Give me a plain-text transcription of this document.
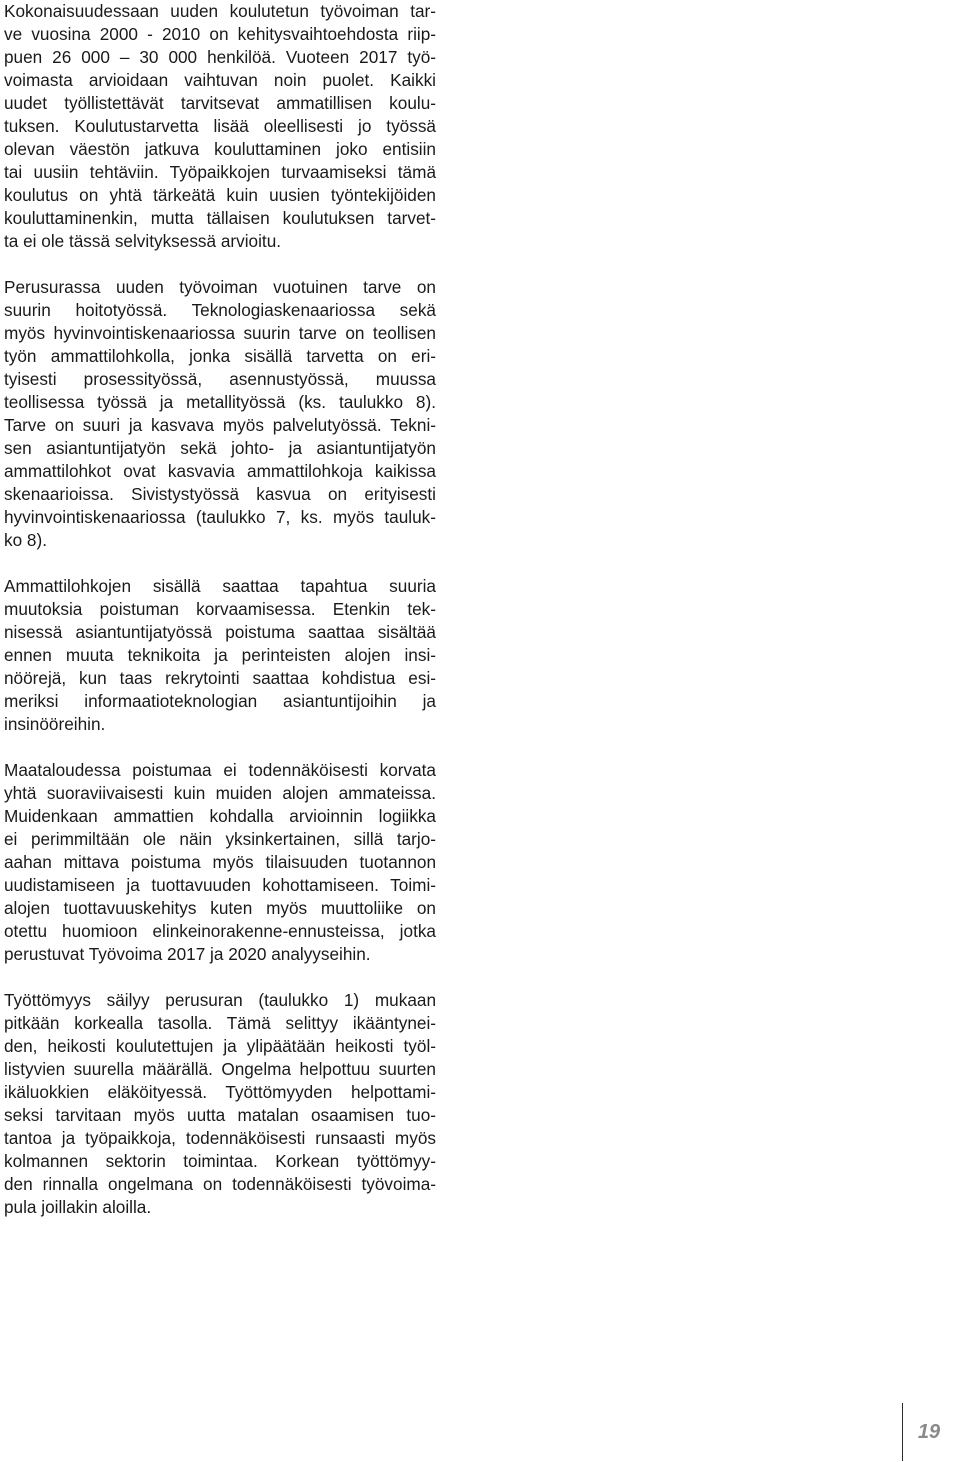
Kokonaisuudessaan uuden koulutetun työvoiman tar-
ve vuosina 2000 - 2010 on kehitysvaihtoehdosta riip-
puen 26 000 – 30 000 henkilöä. Vuoteen 2017 työ-
voimasta arvioidaan vaihtuvan noin puolet. Kaikki
uudet työllistettävät tarvitsevat ammatillisen koulu-
tuksen. Koulutustarvetta lisää oleellisesti jo työssä
olevan väestön jatkuva kouluttaminen joko entisiin
tai uusiin tehtäviin. Työpaikkojen turvaamiseksi tämä
koulutus on yhtä tärkeätä kuin uusien työntekijöiden
kouluttaminenkin, mutta tällaisen koulutuksen tarvet-
ta ei ole tässä selvityksessä arvioitu.
Perusurassa uuden työvoiman vuotuinen tarve on
suurin hoitotyössä. Teknologiaskenaariossa sekä
myös hyvinvointiskenaariossa suurin tarve on teollisen
työn ammattilohkolla, jonka sisällä tarvetta on eri-
tyisesti prosessityössä, asennustyössä, muussa
teollisessa työssä ja metallityössä (ks. taulukko 8).
Tarve on suuri ja kasvava myös palvelutyössä. Tekni-
sen asiantuntijatyön sekä johto- ja asiantuntijatyön
ammattilohkot ovat kasvavia ammattilohkoja kaikissa
skenaarioissa. Sivistystyössä kasvua on erityisesti
hyvinvointiskenaariossa (taulukko 7, ks. myös tauluk-
ko 8).
Ammattilohkojen sisällä saattaa tapahtua suuria
muutoksia poistuman korvaamisessa. Etenkin tek-
nisessä asiantuntijatyössä poistuma saattaa sisältää
ennen muuta teknikoita ja perinteisten alojen insi-
nöörejä, kun taas rekrytointi saattaa kohdistua esi-
meriksi informaatioteknologian asiantuntijoihin ja
insinööreihin.
Maataloudessa poistumaa ei todennäköisesti korvata
yhtä suoraviivaisesti kuin muiden alojen ammateissa.
Muidenkaan ammattien kohdalla arvioinnin logiikka
ei perimmiltään ole näin yksinkertainen, sillä tarjo-
aahan mittava poistuma myös tilaisuuden tuotannon
uudistamiseen ja tuottavuuden kohottamiseen. Toimi-
alojen tuottavuuskehitys kuten myös muuttoliike on
otettu huomioon elinkeinorakenne-ennusteissa, jotka
perustuvat Työvoima 2017 ja 2020 analyyseihin.
Työttömyys säilyy perusuran (taulukko 1) mukaan
pitkään korkealla tasolla. Tämä selittyy ikääntynei-
den, heikosti koulutettujen ja ylipäätään heikosti työl-
listyvien suurella määrällä. Ongelma helpottuu suurten
ikäluokkien eläköityessä. Työttömyyden helpottami-
seksi tarvitaan myös uutta matalan osaamisen tuo-
tantoa ja työpaikkoja, todennäköisesti runsaasti myös
kolmannen sektorin toimintaa. Korkean työttömyy-
den rinnalla ongelmana on todennäköisesti työvoima-
pula joillakin aloilla.
19
